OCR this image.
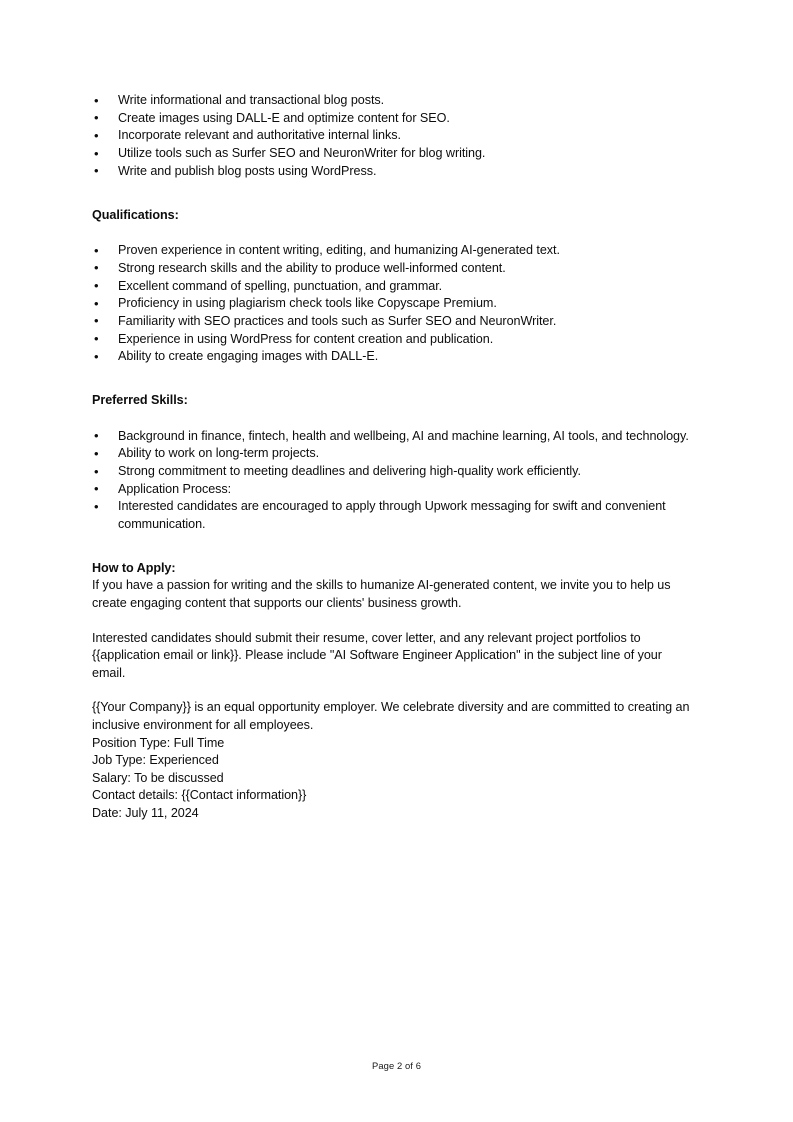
• Write informational and transactional blog posts.
• Create images using DALL-E and optimize content for SEO.
• Incorporate relevant and authoritative internal links.
• Utilize tools such as Surfer SEO and NeuronWriter for blog writing.
• Write and publish blog posts using WordPress.

Qualifications:

• Proven experience in content writing, editing, and humanizing AI-generated text.
• Strong research skills and the ability to produce well-informed content.
• Excellent command of spelling, punctuation, and grammar.
• Proficiency in using plagiarism check tools like Copyscape Premium.
• Familiarity with SEO practices and tools such as Surfer SEO and NeuronWriter.
• Experience in using WordPress for content creation and publication.
• Ability to create engaging images with DALL-E.

Preferred Skills:

• Background in finance, fintech, health and wellbeing, AI and machine learning, AI tools, and technology.
• Ability to work on long-term projects.
• Strong commitment to meeting deadlines and delivering high-quality work efficiently.
• Application Process:
• Interested candidates are encouraged to apply through Upwork messaging for swift and convenient communication.

How to Apply:

If you have a passion for writing and the skills to humanize AI-generated content, we invite you to help us create engaging content that supports our clients' business growth.

Interested candidates should submit their resume, cover letter, and any relevant project portfolios to {{application email or link}}. Please include "AI Software Engineer Application" in the subject line of your email.

{{Your Company}} is an equal opportunity employer. We celebrate diversity and are committed to creating an inclusive environment for all employees.

Position Type: Full Time

Job Type: Experienced

Salary: To be discussed

Contact details: {{Contact information}}

Date: July 11, 2024

Page 2 of 6
